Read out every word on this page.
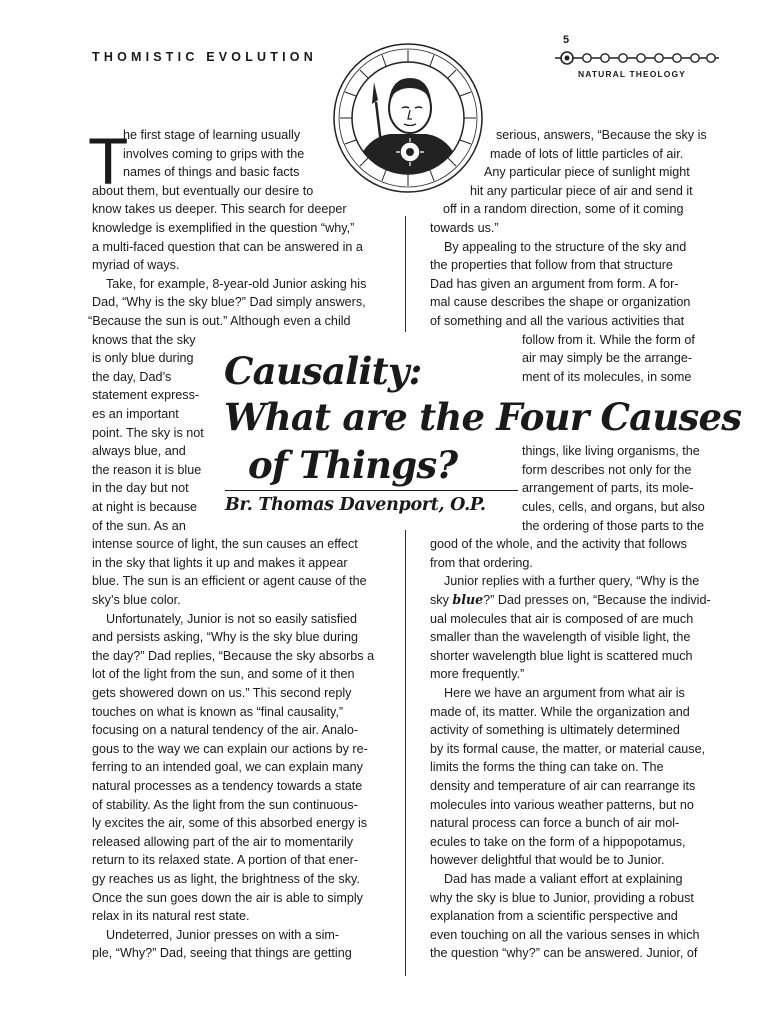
THOMISTIC EVOLUTION
5
NATURAL THEOLOGY
T
he first stage of learning usually
involves coming to grips with the
names of things and basic facts
about them, but eventually our desire to
know takes us deeper. This search for deeper
knowledge is exemplified in the question “why,”
a multi-faced question that can be answered in a
myriad of ways.
Take, for example, 8-year-old Junior asking his
Dad, “Why is the sky blue?” Dad simply answers,
“Because the sun is out.” Although even a child
knows that the sky
is only blue during
the day, Dad’s
statement express-
es an important
point. The sky is not
always blue, and
the reason it is blue
in the day but not
at night is because
of the sun. As an
intense source of light, the sun causes an effect
in the sky that lights it up and makes it appear
blue. The sun is an efficient or agent cause of the
sky’s blue color.
Unfortunately, Junior is not so easily satisfied
and persists asking, “Why is the sky blue during
the day?” Dad replies, “Because the sky absorbs a
lot of the light from the sun, and some of it then
gets showered down on us.” This second reply
touches on what is known as “final causality,”
focusing on a natural tendency of the air. Analo-
gous to the way we can explain our actions by re-
ferring to an intended goal, we can explain many
natural processes as a tendency towards a state
of stability. As the light from the sun continuous-
ly excites the air, some of this absorbed energy is
released allowing part of the air to momentarily
return to its relaxed state. A portion of that ener-
gy reaches us as light, the brightness of the sky.
Once the sun goes down the air is able to simply
relax in its natural rest state.
Undeterred, Junior presses on with a sim-
ple, “Why?” Dad, seeing that things are getting
serious, answers, “Because the sky is
made of lots of little particles of air.
Any particular piece of sunlight might
hit any particular piece of air and send it
off in a random direction, some of it coming
towards us.”
By appealing to the structure of the sky and
the properties that follow from that structure
Dad has given an argument from form. A for-
mal cause describes the shape or organization
of something and all the various activities that
follow from it. While the form of
air may simply be the arrange-
ment of its molecules, in some
things, like living organisms, the
form describes not only for the
arrangement of parts, its mole-
cules, cells, and organs, but also
the ordering of those parts to the
good of the whole, and the activity that follows
from that ordering.
Junior replies with a further query, “Why is the
sky blue?” Dad presses on, “Because the individ-
ual molecules that air is composed of are much
smaller than the wavelength of visible light, the
shorter wavelength blue light is scattered much
more frequently.”
Here we have an argument from what air is
made of, its matter. While the organization and
activity of something is ultimately determined
by its formal cause, the matter, or material cause,
limits the forms the thing can take on. The
density and temperature of air can rearrange its
molecules into various weather patterns, but no
natural process can force a bunch of air mol-
ecules to take on the form of a hippopotamus,
however delightful that would be to Junior.
Dad has made a valiant effort at explaining
why the sky is blue to Junior, providing a robust
explanation from a scientific perspective and
even touching on all the various senses in which
the question “why?” can be answered. Junior, of
Causality:
What are the Four Causes
of Things?
Br. Thomas Davenport, O.P.
